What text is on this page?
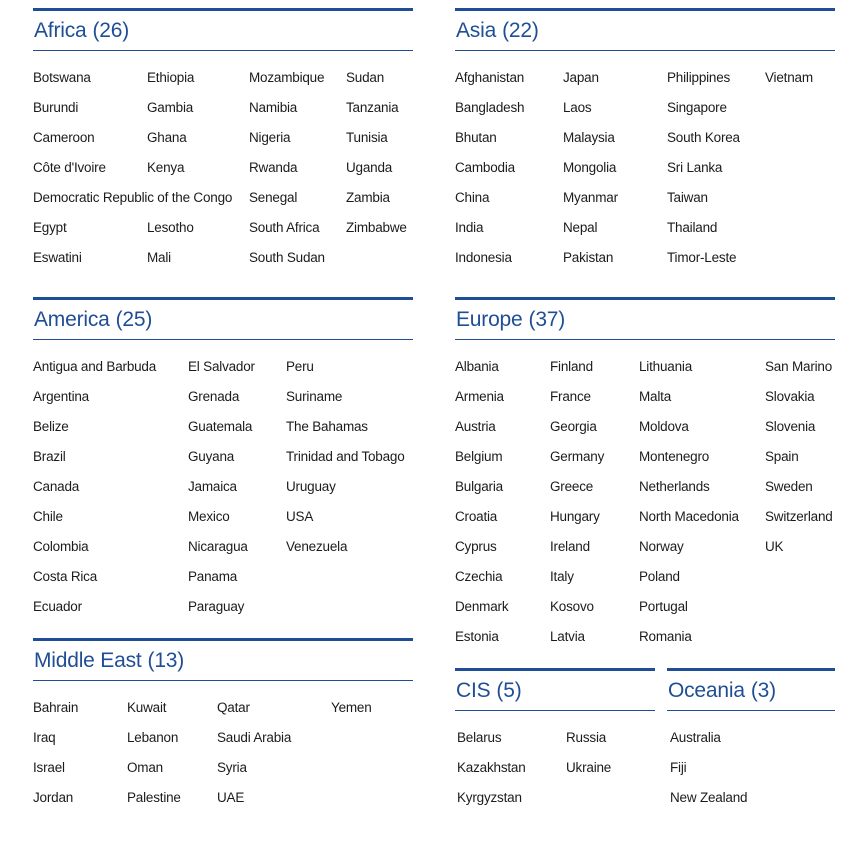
Africa (26)
Botswana
Burundi
Cameroon
Côte d'Ivoire
Democratic Republic of the Congo
Egypt
Eswatini
Ethiopia
Gambia
Ghana
Kenya
Lesotho
Mali
Mozambique
Namibia
Nigeria
Rwanda
Senegal
South Africa
South Sudan
Sudan
Tanzania
Tunisia
Uganda
Zambia
Zimbabwe
Asia (22)
Afghanistan
Bangladesh
Bhutan
Cambodia
China
India
Indonesia
Japan
Laos
Malaysia
Mongolia
Myanmar
Nepal
Pakistan
Philippines
Singapore
South Korea
Sri Lanka
Taiwan
Thailand
Timor-Leste
Vietnam
America (25)
Antigua and Barbuda
Argentina
Belize
Brazil
Canada
Chile
Colombia
Costa Rica
Ecuador
El Salvador
Grenada
Guatemala
Guyana
Jamaica
Mexico
Nicaragua
Panama
Paraguay
Peru
Suriname
The Bahamas
Trinidad and Tobago
Uruguay
USA
Venezuela
Europe (37)
Albania
Armenia
Austria
Belgium
Bulgaria
Croatia
Cyprus
Czechia
Denmark
Estonia
Finland
France
Georgia
Germany
Greece
Hungary
Ireland
Italy
Kosovo
Latvia
Lithuania
Malta
Moldova
Montenegro
Netherlands
North Macedonia
Norway
Poland
Portugal
Romania
San Marino
Slovakia
Slovenia
Spain
Sweden
Switzerland
UK
Middle East (13)
Bahrain
Iraq
Israel
Jordan
Kuwait
Lebanon
Oman
Palestine
Qatar
Saudi Arabia
Syria
UAE
Yemen
CIS (5)
Belarus
Kazakhstan
Kyrgyzstan
Russia
Ukraine
Oceania (3)
Australia
Fiji
New Zealand
